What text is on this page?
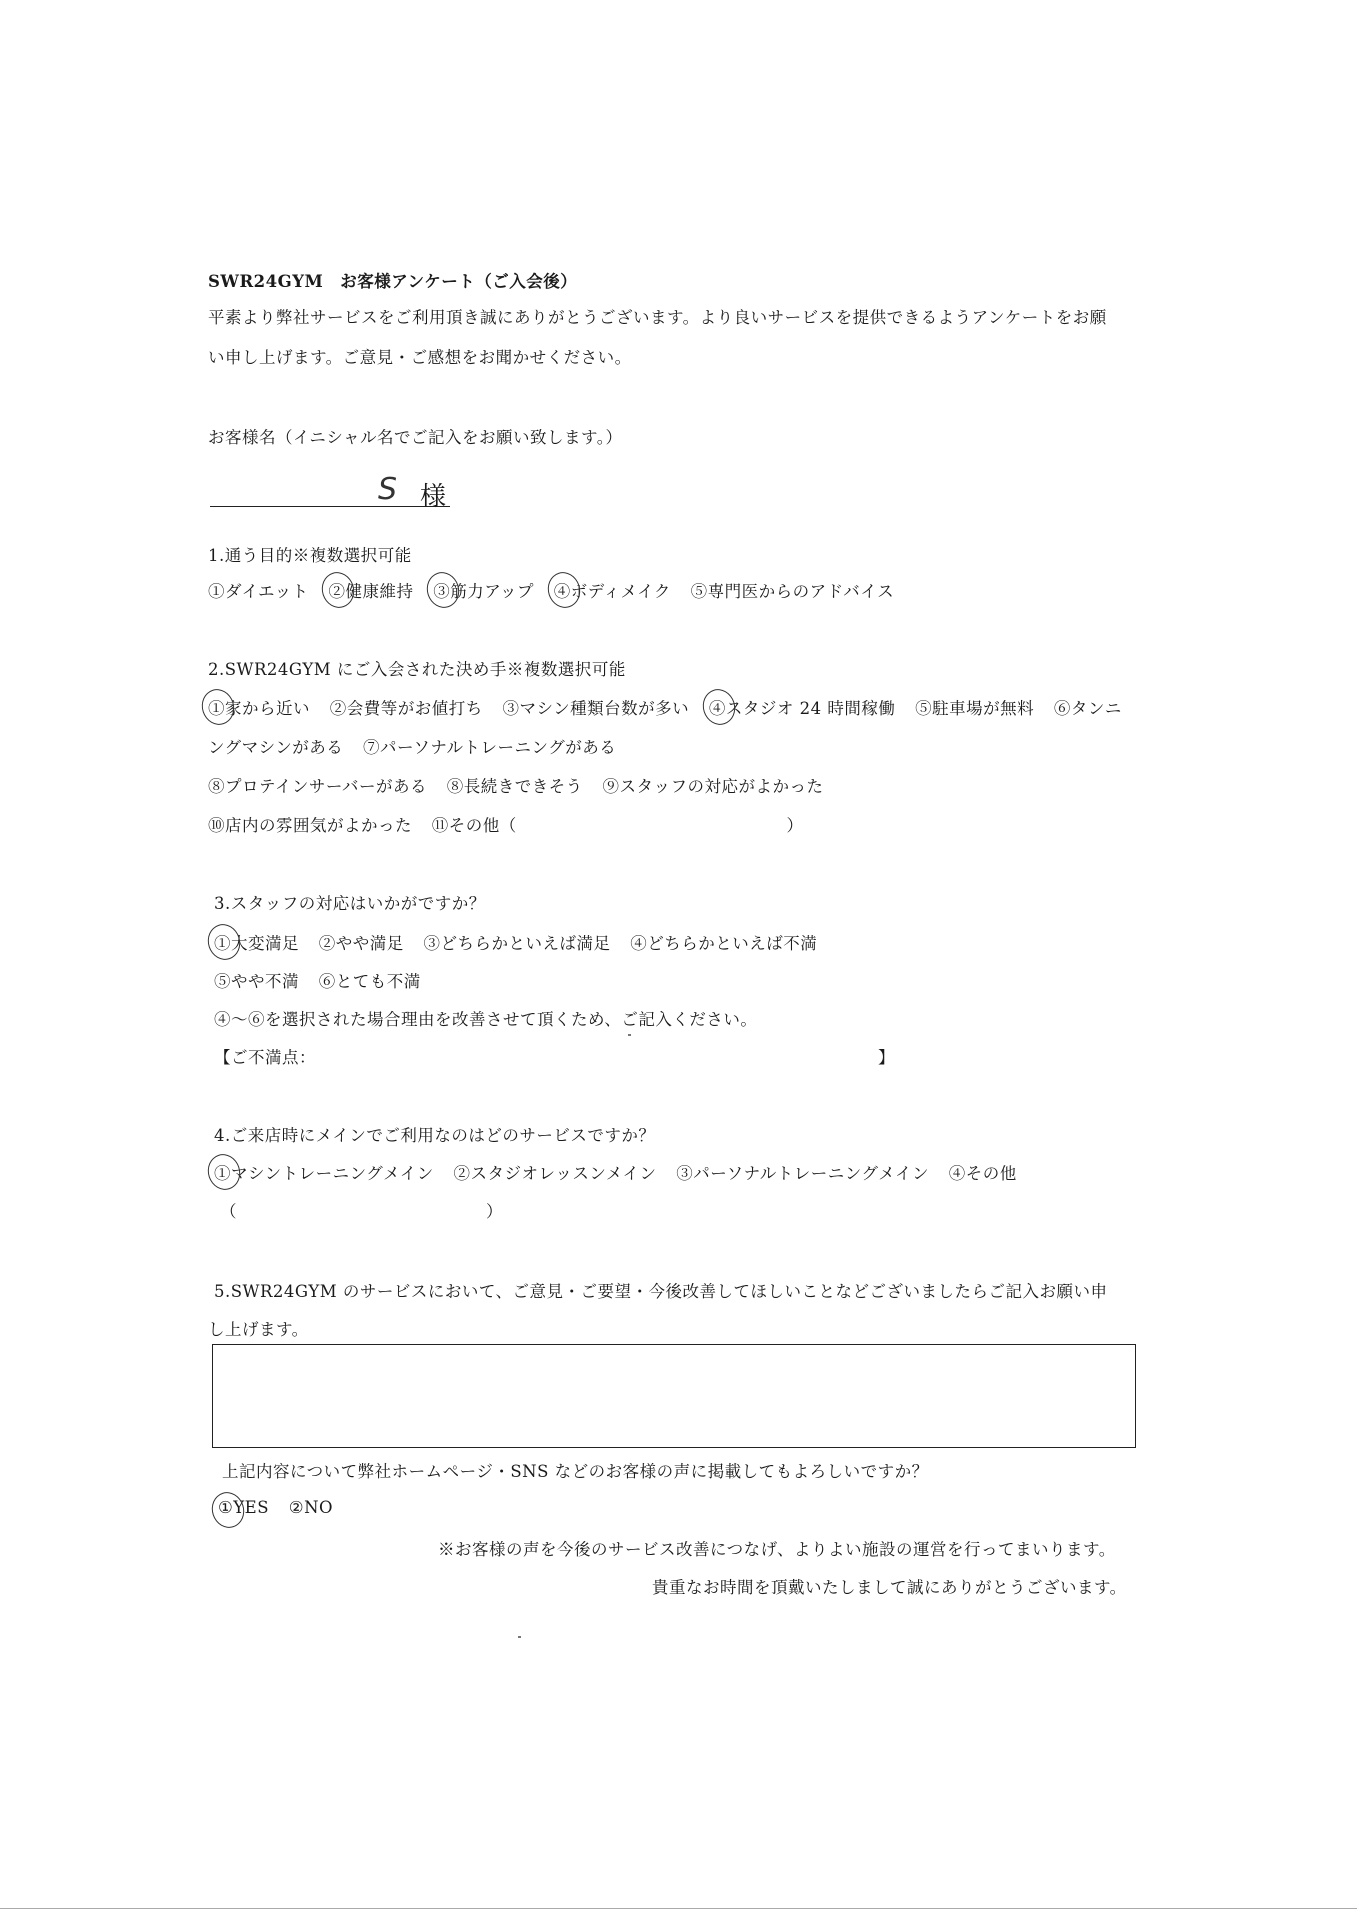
SWR24GYM　お客様アンケート（ご入会後）
平素より弊社サービスをご利用頂き誠にありがとうございます。より良いサービスを提供できるようアンケートをお願
い申し上げます。ご意見・ご感想をお聞かせください。
お客様名（イニシャル名でご記入をお願い致します。）
S 様
1.通う目的※複数選択可能
①ダイエット ②健康維持 ③筋力アップ ④ボディメイク ⑤専門医からのアドバイス
2.SWR24GYM にご入会された決め手※複数選択可能
①家から近い ②会費等がお値打ち ③マシン種類台数が多い ④スタジオ 24 時間稼働 ⑤駐車場が無料 ⑥タンニ
ングマシンがある ⑦パーソナルトレーニングがある
⑧プロテインサーバーがある ⑧長続きできそう ⑨スタッフの対応がよかった
⑩店内の雰囲気がよかった ⑪その他（	）
3.スタッフの対応はいかがですか？
①大変満足 ②やや満足 ③どちらかといえば満足 ④どちらかといえば不満
⑤やや不満 ⑥とても不満
④～⑥を選択された場合理由を改善させて頂くため、ご記入ください。
【ご不満点：	】
4.ご来店時にメインでご利用なのはどのサービスですか？
①マシントレーニングメイン ②スタジオレッスンメイン ③パーソナルトレーニングメイン ④その他
（	）
5.SWR24GYM のサービスにおいて、ご意見・ご要望・今後改善してほしいことなどございましたらご記入お願い申
し上げます。
上記内容について弊社ホームページ・SNS などのお客様の声に掲載してもよろしいですか？
①YES ②NO
※お客様の声を今後のサービス改善につなげ、よりよい施設の運営を行ってまいります。
貴重なお時間を頂戴いたしまして誠にありがとうございます。
